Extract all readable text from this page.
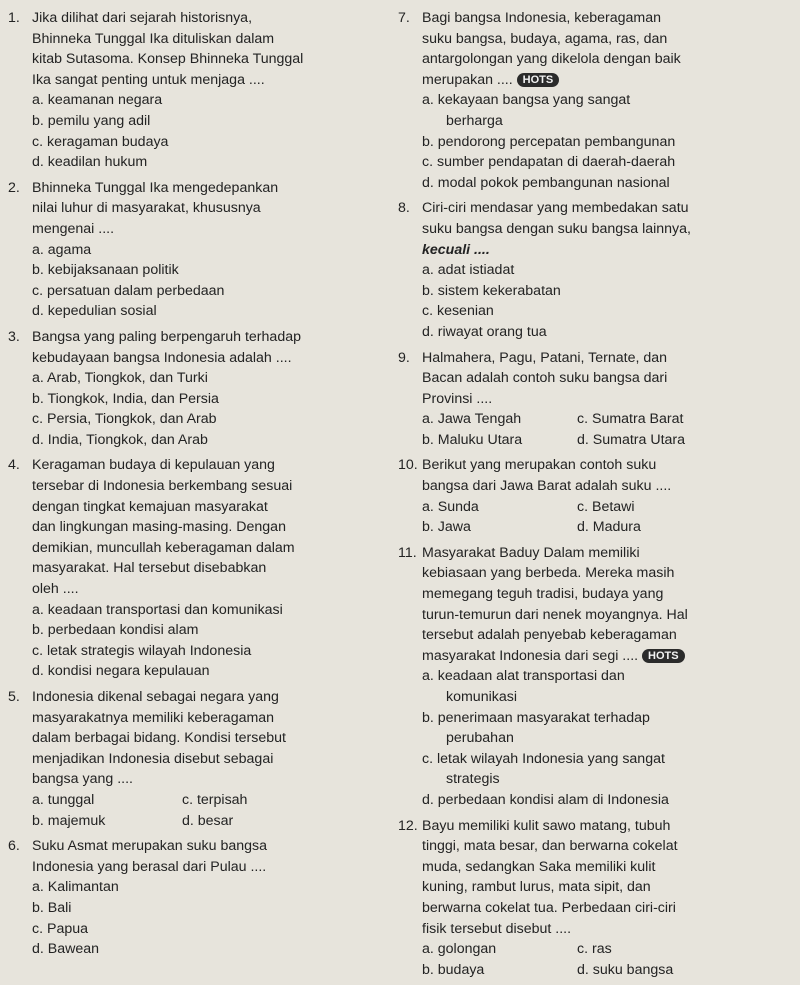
1. Jika dilihat dari sejarah historisnya,
Bhinneka Tunggal Ika dituliskan dalam
kitab Sutasoma. Konsep Bhinneka Tunggal
Ika sangat penting untuk menjaga ....
a. keamanan negara
b. pemilu yang adil
c. keragaman budaya
d. keadilan hukum
2. Bhinneka Tunggal Ika mengedepankan
nilai luhur di masyarakat, khususnya
mengenai ....
a. agama
b. kebijaksanaan politik
c. persatuan dalam perbedaan
d. kepedulian sosial
3. Bangsa yang paling berpengaruh terhadap
kebudayaan bangsa Indonesia adalah ....
a. Arab, Tiongkok, dan Turki
b. Tiongkok, India, dan Persia
c. Persia, Tiongkok, dan Arab
d. India, Tiongkok, dan Arab
4. Keragaman budaya di kepulauan yang
tersebar di Indonesia berkembang sesuai
dengan tingkat kemajuan masyarakat
dan lingkungan masing-masing. Dengan
demikian, muncullah keberagaman dalam
masyarakat. Hal tersebut disebabkan
oleh ....
a. keadaan transportasi dan komunikasi
b. perbedaan kondisi alam
c. letak strategis wilayah Indonesia
d. kondisi negara kepulauan
5. Indonesia dikenal sebagai negara yang
masyarakatnya memiliki keberagaman
dalam berbagai bidang. Kondisi tersebut
menjadikan Indonesia disebut sebagai
bangsa yang ....
a. tunggal	c. terpisah
b. majemuk	d. besar
6. Suku Asmat merupakan suku bangsa
Indonesia yang berasal dari Pulau ....
a. Kalimantan
b. Bali
c. Papua
d. Bawean
7. Bagi bangsa Indonesia, keberagaman
suku bangsa, budaya, agama, ras, dan
antargolongan yang dikelola dengan baik
merupakan .... HOTS
a. kekayaan bangsa yang sangat
berharga
b. pendorong percepatan pembangunan
c. sumber pendapatan di daerah-daerah
d. modal pokok pembangunan nasional
8. Ciri-ciri mendasar yang membedakan satu
suku bangsa dengan suku bangsa lainnya,
kecuali ....
a. adat istiadat
b. sistem kekerabatan
c. kesenian
d. riwayat orang tua
9. Halmahera, Pagu, Patani, Ternate, dan
Bacan adalah contoh suku bangsa dari
Provinsi ....
a. Jawa Tengah	c. Sumatra Barat
b. Maluku Utara	d. Sumatra Utara
10. Berikut yang merupakan contoh suku
bangsa dari Jawa Barat adalah suku ....
a. Sunda	c. Betawi
b. Jawa	d. Madura
11. Masyarakat Baduy Dalam memiliki
kebiasaan yang berbeda. Mereka masih
memegang teguh tradisi, budaya yang
turun-temurun dari nenek moyangnya. Hal
tersebut adalah penyebab keberagaman
masyarakat Indonesia dari segi .... HOTS
a. keadaan alat transportasi dan
komunikasi
b. penerimaan masyarakat terhadap
perubahan
c. letak wilayah Indonesia yang sangat
strategis
d. perbedaan kondisi alam di Indonesia
12. Bayu memiliki kulit sawo matang, tubuh
tinggi, mata besar, dan berwarna cokelat
muda, sedangkan Saka memiliki kulit
kuning, rambut lurus, mata sipit, dan
berwarna cokelat tua. Perbedaan ciri-ciri
fisik tersebut disebut ....
a. golongan	c. ras
b. budaya	d. suku bangsa
